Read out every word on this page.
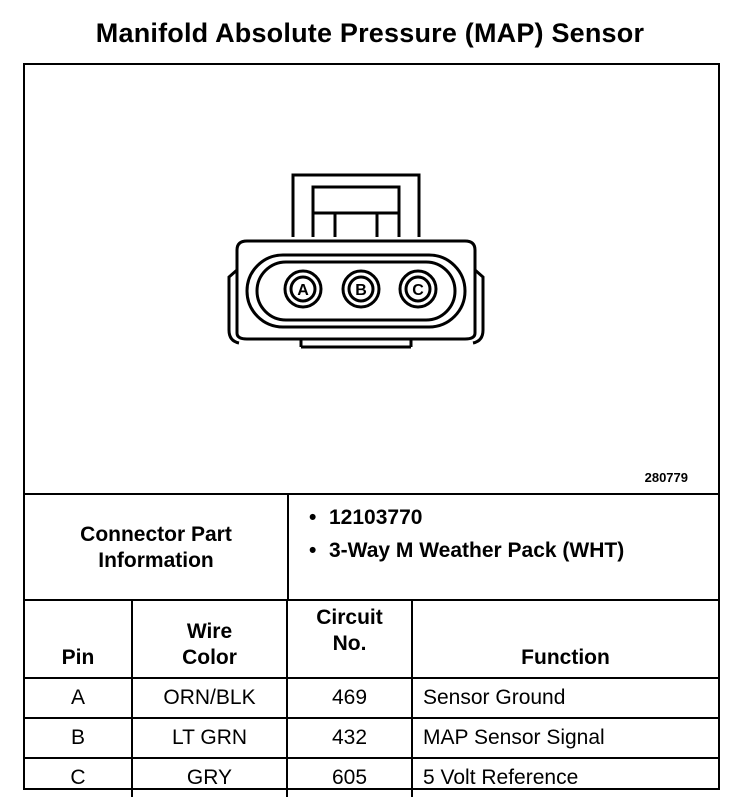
Manifold Absolute Pressure (MAP) Sensor
A	B	C
280779
Connector Part Information
• 12103770
• 3-Way M Weather Pack (WHT)
Pin	Wire Color	Circuit No.	Function
A	ORN/BLK	469	Sensor Ground
B	LT GRN	432	MAP Sensor Signal
C	GRY	605	5 Volt Reference
